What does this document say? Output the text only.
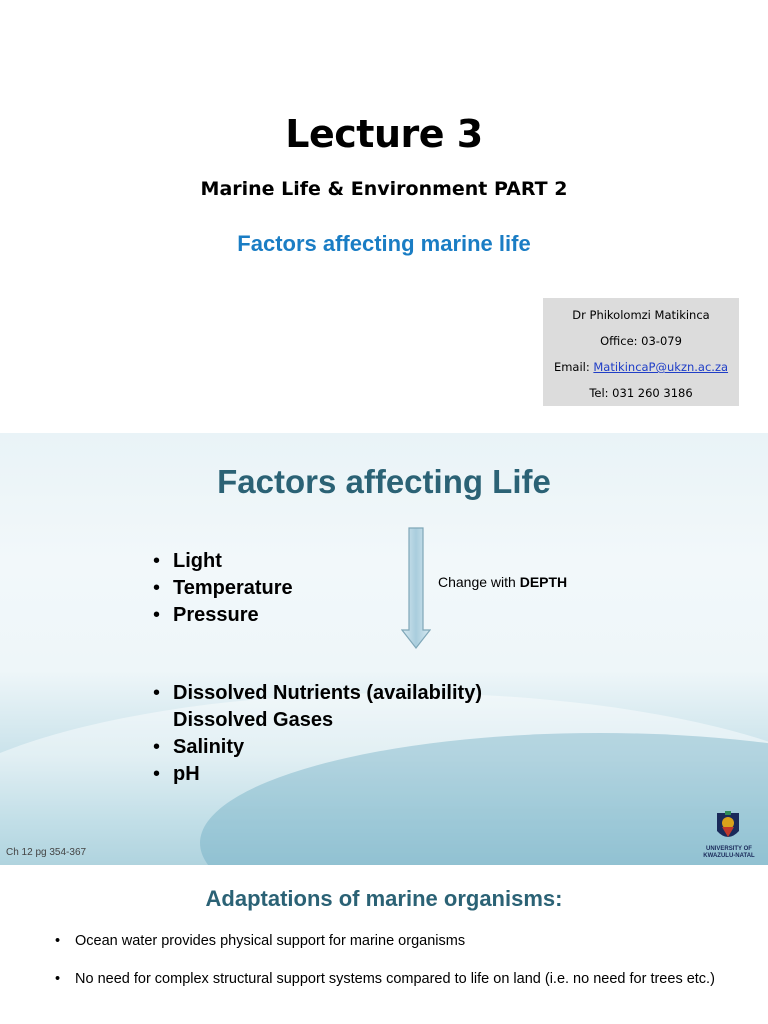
Lecture 3
Marine Life & Environment PART 2
Factors affecting marine life
Dr Phikolomzi Matikinca
Office: 03-079
Email: MatikincaP@ukzn.ac.za
Tel: 031 260 3186
Factors affecting Life
• Light
• Temperature
• Pressure
Change with DEPTH
• Dissolved Nutrients (availability)
Dissolved Gases
• Salinity
• pH
Ch 12 pg 354-367	UNIVERSITY OF
KWAZULU-NATAL
Adaptations of marine organisms:
• Ocean water provides physical support for marine organisms
• No need for complex structural support systems compared to life on land (i.e. no need for trees etc.)
